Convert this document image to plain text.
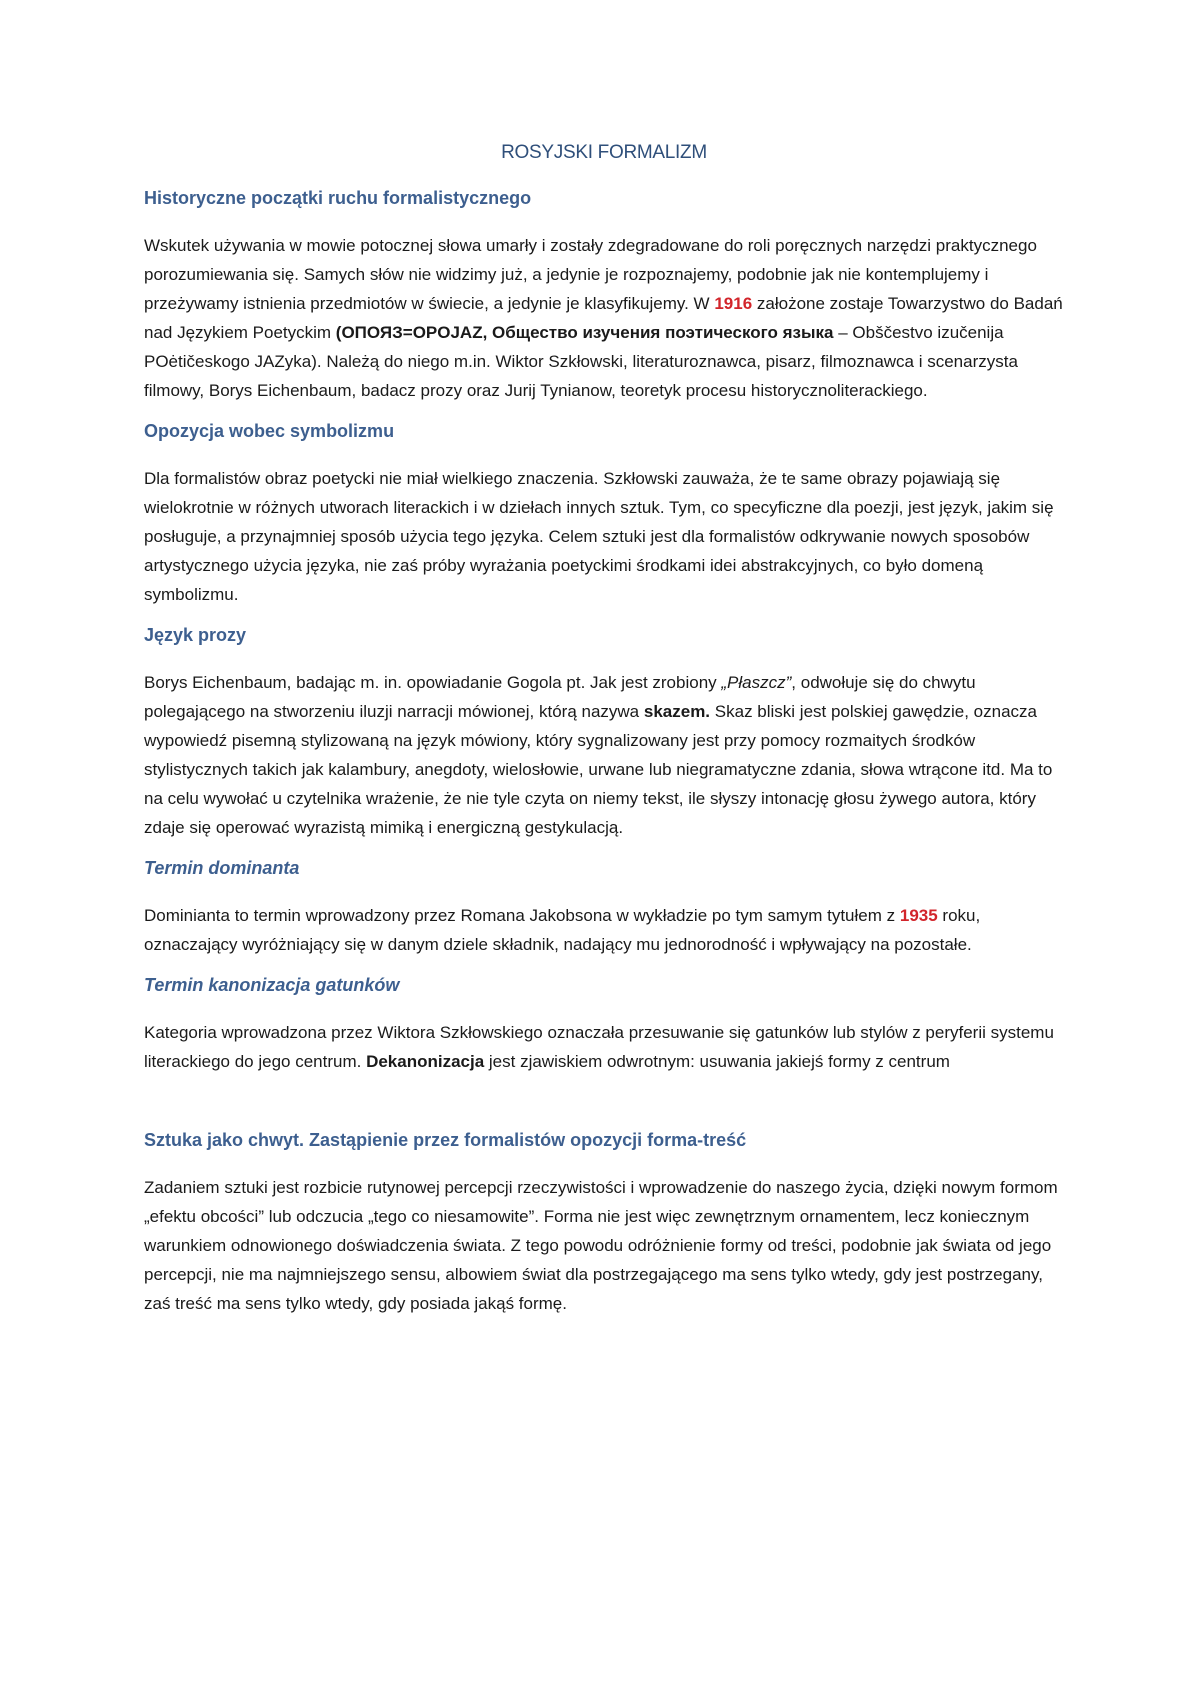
ROSYJSKI FORMALIZM
Historyczne początki ruchu formalistycznego

Wskutek używania w mowie potocznej słowa umarły i zostały zdegradowane do roli poręcznych narzędzi praktycznego porozumiewania się. Samych słów nie widzimy już, a jedynie je rozpoznajemy, podobnie jak nie kontemplujemy i przeżywamy istnienia przedmiotów w świecie, a jedynie je klasyfikujemy. W 1916 założone zostaje Towarzystwo do Badań nad Językiem Poetyckim (ОПОЯЗ=OPOJAZ, Общество изучения поэтического языка – Obščestvo izučenija POėtičeskogo JAZyka). Należą do niego m.in. Wiktor Szkłowski, literaturoznawca, pisarz, filmoznawca i scenarzysta filmowy, Borys Eichenbaum, badacz prozy oraz Jurij Tynianow, teoretyk procesu historycznoliterackiego.

Opozycja wobec symbolizmu

Dla formalistów obraz poetycki nie miał wielkiego znaczenia. Szkłowski zauważa, że te same obrazy pojawiają się wielokrotnie w różnych utworach literackich i w dziełach innych sztuk. Tym, co specyficzne dla poezji, jest język, jakim się posługuje, a przynajmniej sposób użycia tego języka. Celem sztuki jest dla formalistów odkrywanie nowych sposobów artystycznego użycia języka, nie zaś próby wyrażania poetyckimi środkami idei abstrakcyjnych, co było domeną symbolizmu.

Język prozy

Borys Eichenbaum, badając m. in. opowiadanie Gogola pt. Jak jest zrobiony „Płaszcz”, odwołuje się do chwytu polegającego na stworzeniu iluzji narracji mówionej, którą nazywa skazem. Skaz bliski jest polskiej gawędzie, oznacza wypowiedź pisemną stylizowaną na język mówiony, który sygnalizowany jest przy pomocy rozmaitych środków stylistycznych takich jak kalambury, anegdoty, wielosłowie, urwane lub niegramatyczne zdania, słowa wtrącone itd. Ma to na celu wywołać u czytelnika wrażenie, że nie tyle czyta on niemy tekst, ile słyszy intonację głosu żywego autora, który zdaje się operować wyrazistą mimiką i energiczną gestykulacją.

Termin dominanta

Dominianta to termin wprowadzony przez Romana Jakobsona w wykładzie po tym samym tytułem z 1935 roku, oznaczający wyróżniający się w danym dziele składnik, nadający mu jednorodność i wpływający na pozostałe.

Termin kanonizacja gatunków

Kategoria wprowadzona przez Wiktora Szkłowskiego oznaczała przesuwanie się gatunków lub stylów z peryferii systemu literackiego do jego centrum. Dekanonizacja jest zjawiskiem odwrotnym: usuwania jakiejś formy z centrum

Sztuka jako chwyt. Zastąpienie przez formalistów opozycji forma-treść

Zadaniem sztuki jest rozbicie rutynowej percepcji rzeczywistości i wprowadzenie do naszego życia, dzięki nowym formom „efektu obcości” lub odczucia „tego co niesamowite”. Forma nie jest więc zewnętrznym ornamentem, lecz koniecznym warunkiem odnowionego doświadczenia świata. Z tego powodu odróżnienie formy od treści, podobnie jak świata od jego percepcji, nie ma najmniejszego sensu, albowiem świat dla postrzegającego ma sens tylko wtedy, gdy jest postrzegany, zaś treść ma sens tylko wtedy, gdy posiada jakąś formę.
